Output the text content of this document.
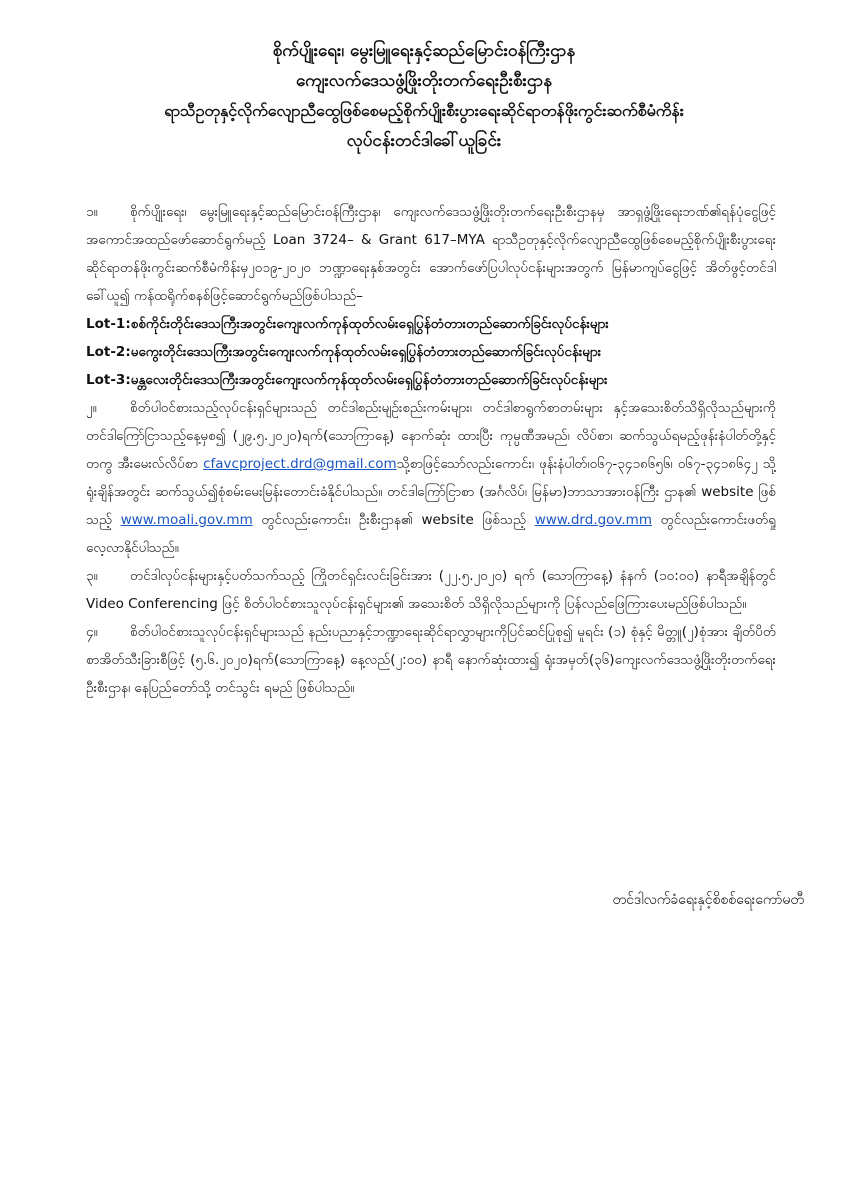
စိုက်ပျိုးရေး၊ မွေးမြူရေးနှင့်ဆည်မြောင်းဝန်ကြီးဌာန
ကျေးလက်ဒေသဖွံ့ဖြိုးတိုးတက်ရေးဦးစီးဌာန
ရာသီဥတုနှင့်လိုက်လျောညီထွေဖြစ်စေမည့်စိုက်ပျိုးစီးပွားရေးဆိုင်ရာတန်ဖိုးကွင်းဆက်စီမံကိန်း
လုပ်ငန်းတင်ဒါခေါ်ယူခြင်း

၁။ စိုက်ပျိုးရေး၊ မွေးမြူရေးနှင့်ဆည်မြောင်းဝန်ကြီးဌာန၊ ကျေးလက်ဒေသဖွံ့ဖြိုးတိုးတက်ရေးဦးစီးဌာနမှ အာရှဖွံ့ဖြိုးရေးဘဏ်၏ရန်ပုံငွေဖြင့် အကောင်အထည်ဖော်ဆောင်ရွက်မည့် Loan 3724– & Grant 617–MYA ရာသီဥတုနှင့်လိုက်လျောညီထွေဖြစ်စေမည့်စိုက်ပျိုးစီးပွားရေးဆိုင်ရာတန်ဖိုးကွင်းဆက်စီမံကိန်းမှ၂၀၁၉-၂၀၂၀ ဘဏ္ဍာရေးနှစ်အတွင်း အောက်ဖော်ပြပါလုပ်ငန်းများအတွက် မြန်မာကျပ်ငွေဖြင့် အိတ်ဖွင့်တင်ဒါခေါ်ယူ၍ ကန်ထရိုက်စနစ်ဖြင့်ဆောင်ရွက်မည်ဖြစ်ပါသည်–

Lot-1:စစ်ကိုင်းတိုင်းဒေသကြီးအတွင်းကျေးလက်ကုန်ထုတ်လမ်းရှေပြွန်တံတားတည်ဆောက်ခြင်းလုပ်ငန်းများ

Lot-2:မကွေးတိုင်းဒေသကြီးအတွင်းကျေးလက်ကုန်ထုတ်လမ်းရှေပြွန်တံတားတည်ဆောက်ခြင်းလုပ်ငန်းများ

Lot-3:မန္တလေးတိုင်းဒေသကြီးအတွင်းကျေးလက်ကုန်ထုတ်လမ်းရှေပြွန်တံတားတည်ဆောက်ခြင်းလုပ်ငန်းများ

၂။ စိတ်ပါဝင်စားသည့်လုပ်ငန်းရှင်များသည် တင်ဒါစည်းမျဉ်းစည်းကမ်းများ၊ တင်ဒါစာရွက်စာတမ်းများ နှင့်အသေးစိတ်သိရှိလိုသည်များကိုတင်ဒါကြော်ငြာသည့်နေ့မှစ၍ (၂၉.၅.၂၀၂၀)ရက်(သောကြာနေ့) နောက်ဆုံး ထားပြီး ကုမ္ပဏီအမည်၊ လိပ်စာ၊ ဆက်သွယ်ရမည့်ဖုန်းနံပါတ်တို့နှင့်တကွ အီးမေးလ်လိပ်စာ cfavcproject.drd@gmail.comသို့စာဖြင့်သော်လည်းကောင်း၊ ဖုန်းနံပါတ်၊၀၆၇-၃၄၁၈၆၅၆၊ ၀၆၇-၃၄၁၈၆၄၂ သို့ရုံးချိန်အတွင်း ဆက်သွယ်၍စုံစမ်းမေးမြန်းတောင်းခံနိုင်ပါသည်။ တင်ဒါကြော်ငြာစာ (အင်္ဂလိပ်၊ မြန်မာ)ဘာသာအားဝန်ကြီး ဌာန၏ website ဖြစ်သည့် www.moali.gov.mm တွင်လည်းကောင်း၊ ဦးစီးဌာန၏ website ဖြစ်သည့် www.drd.gov.mm တွင်လည်းကောင်းဖတ်ရှုလေ့လာနိုင်ပါသည်။

၃။ တင်ဒါလုပ်ငန်းများနှင့်ပတ်သက်သည့် ကြိုတင်ရှင်းလင်းခြင်းအား (၂၂.၅.၂၀၂၀) ရက် (သောကြာနေ့) နံနက် (၁၀:၀၀) နာရီအချိန်တွင် Video Conferencing ဖြင့် စိတ်ပါဝင်စားသူလုပ်ငန်းရှင်များ၏ အသေးစိတ် သိရှိလိုသည်များကို ပြန်လည်ဖြေကြားပေးမည်ဖြစ်ပါသည်။

၄။ စိတ်ပါဝင်စားသူလုပ်ငန်းရှင်များသည် နည်းပညာနှင့်ဘဏ္ဍာရေးဆိုင်ရာလွှာများကိုပြင်ဆင်ပြုစု၍ မူရင်း (၁) စုံနှင့် မိတ္တူ(၂)စုံအား ချိတ်ပိတ်စာအိတ်သီးခြားစီဖြင့် (၅.၆.၂၀၂၀)ရက်(သောကြာနေ့) နေ့လည်(၂:၀၀) နာရီ နောက်ဆုံးထား၍ ရုံးအမှတ်(၃၆)ကျေးလက်ဒေသဖွံ့ဖြိုးတိုးတက်ရေးဦးစီးဌာန၊ နေပြည်တော်သို့ တင်သွင်း ရမည် ဖြစ်ပါသည်။

တင်ဒါလက်ခံရေးနှင့်စိစစ်ရေးကော်မတီ
